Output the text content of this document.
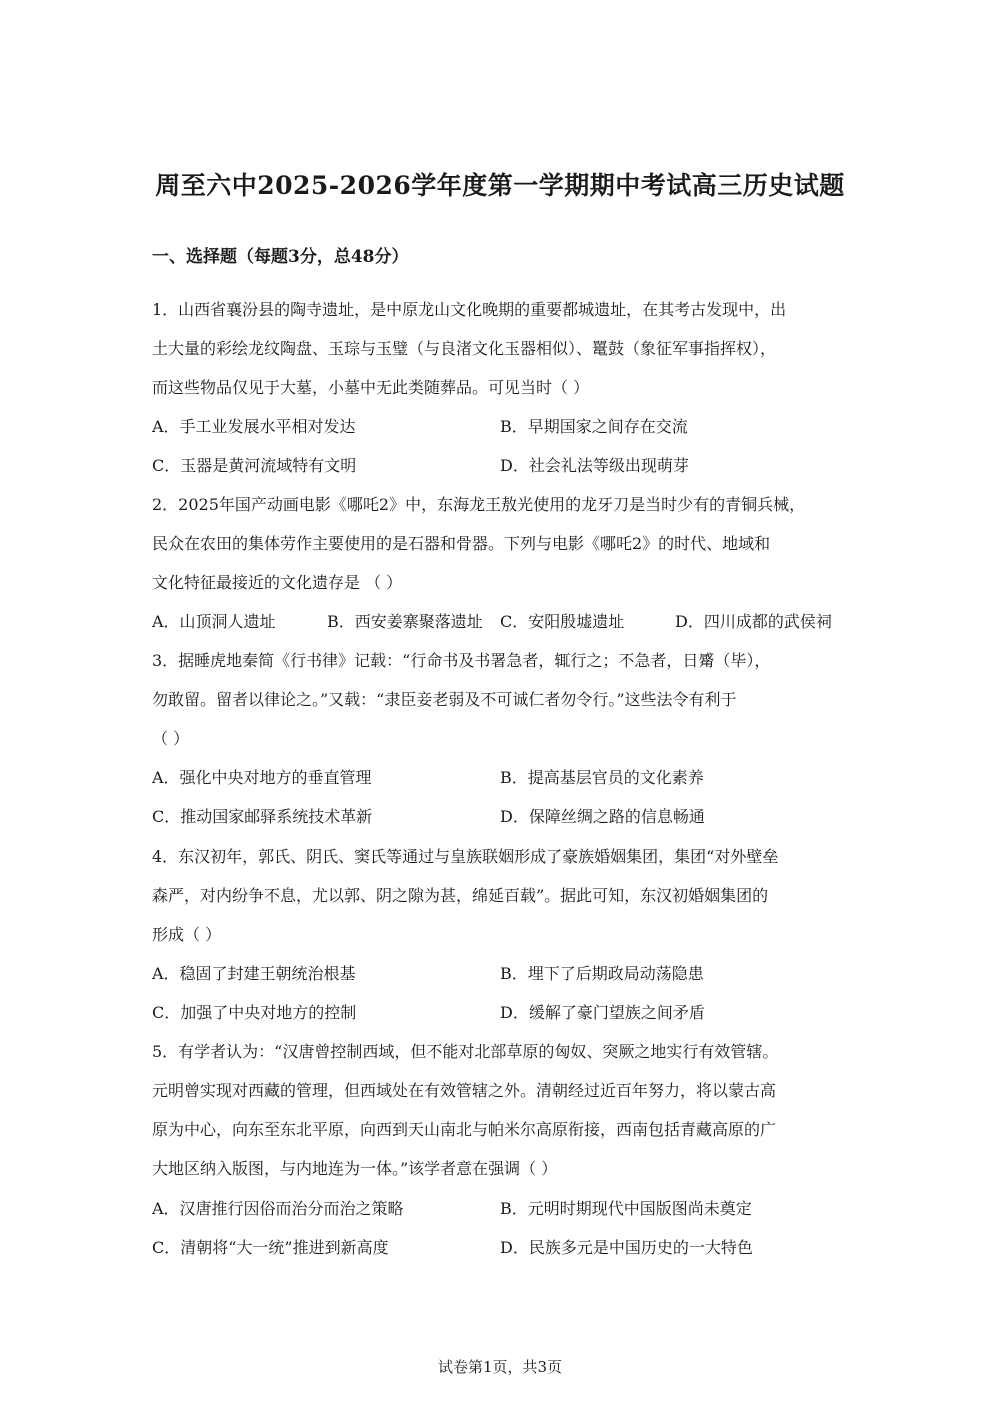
周至六中2025-2026学年度第一学期期中考试高三历史试题
一、选择题（每题3分，总48分）
1．山西省襄汾县的陶寺遗址，是中原龙山文化晚期的重要都城遗址，在其考古发现中，出
土大量的彩绘龙纹陶盘、玉琮与玉璧（与良渚文化玉器相似）、鼍鼓（象征军事指挥权），
而这些物品仅见于大墓，小墓中无此类随葬品。可见当时（ ）
A．手工业发展水平相对发达	B．早期国家之间存在交流
C．玉器是黄河流域特有文明	D．社会礼法等级出现萌芽
2．2025年国产动画电影《哪吒2》中，东海龙王敖光使用的龙牙刀是当时少有的青铜兵械，
民众在农田的集体劳作主要使用的是石器和骨器。下列与电影《哪吒2》的时代、地域和
文化特征最接近的文化遗存是 （ ）
A．山顶洞人遗址	B．西安姜寨聚落遗址 C．安阳殷墟遗址	D．四川成都的武侯祠
3．据睡虎地秦简《行书律》记载：“行命书及书署急者，辄行之；不急者，日觱（毕），
勿敢留。留者以律论之。”又载：“隶臣妾老弱及不可诚仁者勿令行。”这些法令有利于
（ ）
A．强化中央对地方的垂直管理	B．提高基层官员的文化素养
C．推动国家邮驿系统技术革新	D．保障丝绸之路的信息畅通
4．东汉初年，郭氏、阴氏、窦氏等通过与皇族联姻形成了豪族婚姻集团，集团“对外壁垒
森严，对内纷争不息，尤以郭、阴之隙为甚，绵延百载”。据此可知，东汉初婚姻集团的
形成（ ）
A．稳固了封建王朝统治根基	B．埋下了后期政局动荡隐患
C．加强了中央对地方的控制	D．缓解了豪门望族之间矛盾
5．有学者认为：“汉唐曾控制西域，但不能对北部草原的匈奴、突厥之地实行有效管辖。
元明曾实现对西藏的管理，但西域处在有效管辖之外。清朝经过近百年努力，将以蒙古高
原为中心，向东至东北平原，向西到天山南北与帕米尔高原衔接，西南包括青藏高原的广
大地区纳入版图，与内地连为一体。”该学者意在强调（ ）
A．汉唐推行因俗而治分而治之策略	B．元明时期现代中国版图尚未奠定
C．清朝将“大一统”推进到新高度	D．民族多元是中国历史的一大特色
试卷第1页，共3页
